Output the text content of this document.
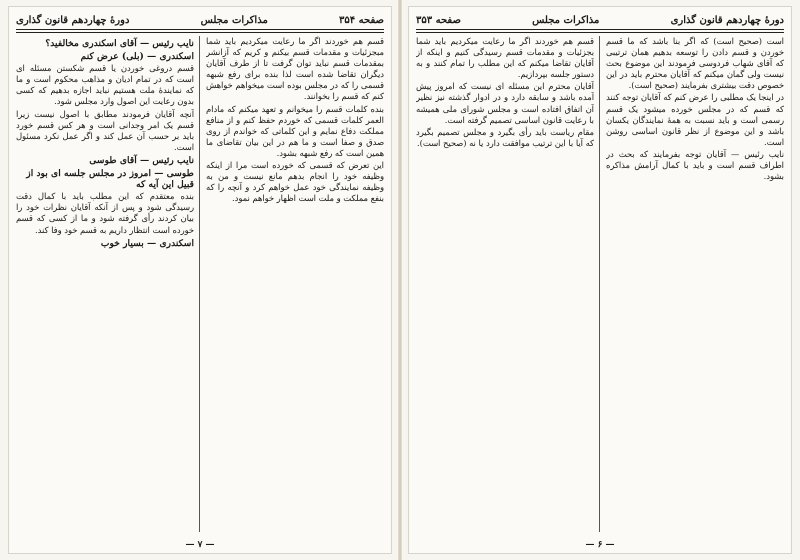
صفحه ۳۵۴
مذاکرات مجلس
دورهٔ چهاردهم قانون گذاری

قسم هم خوردند اگر ما رعایت میکردیم باید شما مبجزئیات و مقدمات قسم بیکنم و کریم که آزانشر بمقدمات قسم نباید توان گرفت تا از طرف آقایان دیگران تقاضا شده است لذا بنده برای رفع شبهه قسمی را که در مجلس بوده است میخواهم خواهش کنم که قسم را بخوانند.

بنده کلمات قسم را میخوانم و تعهد میکنم که مادام العمر کلمات قسمی که خوردم حفظ کنم و از منافع مملکت دفاع نمایم و این کلماتی که خواندم از روی صدق و صفا است و ما هم در این بیان تقاضای ما همین است که رفع شبهه بشود.

این تعرض که قسمی که خورده است مرا از اینکه وظیفه خود را انجام بدهم مانع نیست و من به وظیفه نمایندگی خود عمل خواهم کرد و آنچه را که بنفع مملکت و ملت است اظهار خواهم نمود.

نایب رئیس — آقای اسکندری مخالفید؟
اسکندری — (بلی) عرض کنم

قسم دروغی خوردن یا قسم شکستن مسئله ای است که در تمام ادیان و مذاهب محکوم است و ما که نمایندهٔ ملت هستیم نباید اجازه بدهیم که کسی بدون رعایت این اصول وارد مجلس شود.

آنچه آقایان فرمودند مطابق با اصول نیست زیرا قسم یک امر وجدانی است و هر کس قسم خورد باید بر حسب آن عمل کند و اگر عمل نکرد مسئول است.

نایب رئیس — آقای طوسی
طوسی — امروز در مجلس جلسه ای بود از قبیل این آیه که

بنده معتقدم که این مطلب باید با کمال دقت رسیدگی شود و پس از آنکه آقایان نظرات خود را بیان کردند رأی گرفته شود و ما از کسی که قسم خورده است انتظار داریم به قسم خود وفا کند.

اسکندری — بسیار خوب
— ۷ —
دورهٔ چهاردهم قانون گذاری
مذاکرات مجلس
صفحه ۳۵۳

است (صحیح است) که اگر بنا باشد که ما قسم خوردن و قسم دادن را توسعه بدهیم همان ترتیبی که آقای شهاب فردوسی فرمودند این موضوع بحث نیست ولی گمان میکنم که آقایان محترم باید در این خصوص دقت بیشتری بفرمایند (صحیح است).

در اینجا یک مطلبی را عرض کنم که آقایان توجه کنند که قسم که در مجلس خورده میشود یک قسم رسمی است و باید نسبت به همهٔ نمایندگان یکسان باشد و این موضوع از نظر قانون اساسی روشن است.

نایب رئیس — آقایان توجه بفرمایند که بحث در اطراف قسم است و باید با کمال آرامش مذاکره بشود.

قسم هم خوردند اگر ما رعایت میکردیم باید شما بجزئیات و مقدمات قسم رسیدگی کنیم و اینکه از آقایان تقاضا میکنم که این مطلب را تمام کنند و به دستور جلسه بپردازیم.

آقایان محترم این مسئله ای نیست که امروز پیش آمده باشد و سابقه دارد و در ادوار گذشته نیز نظیر آن اتفاق افتاده است و مجلس شورای ملی همیشه با رعایت قانون اساسی تصمیم گرفته است.

مقام ریاست باید رأی بگیرد و مجلس تصمیم بگیرد که آیا با این ترتیب موافقت دارد یا نه (صحیح است).

— ۶ —
